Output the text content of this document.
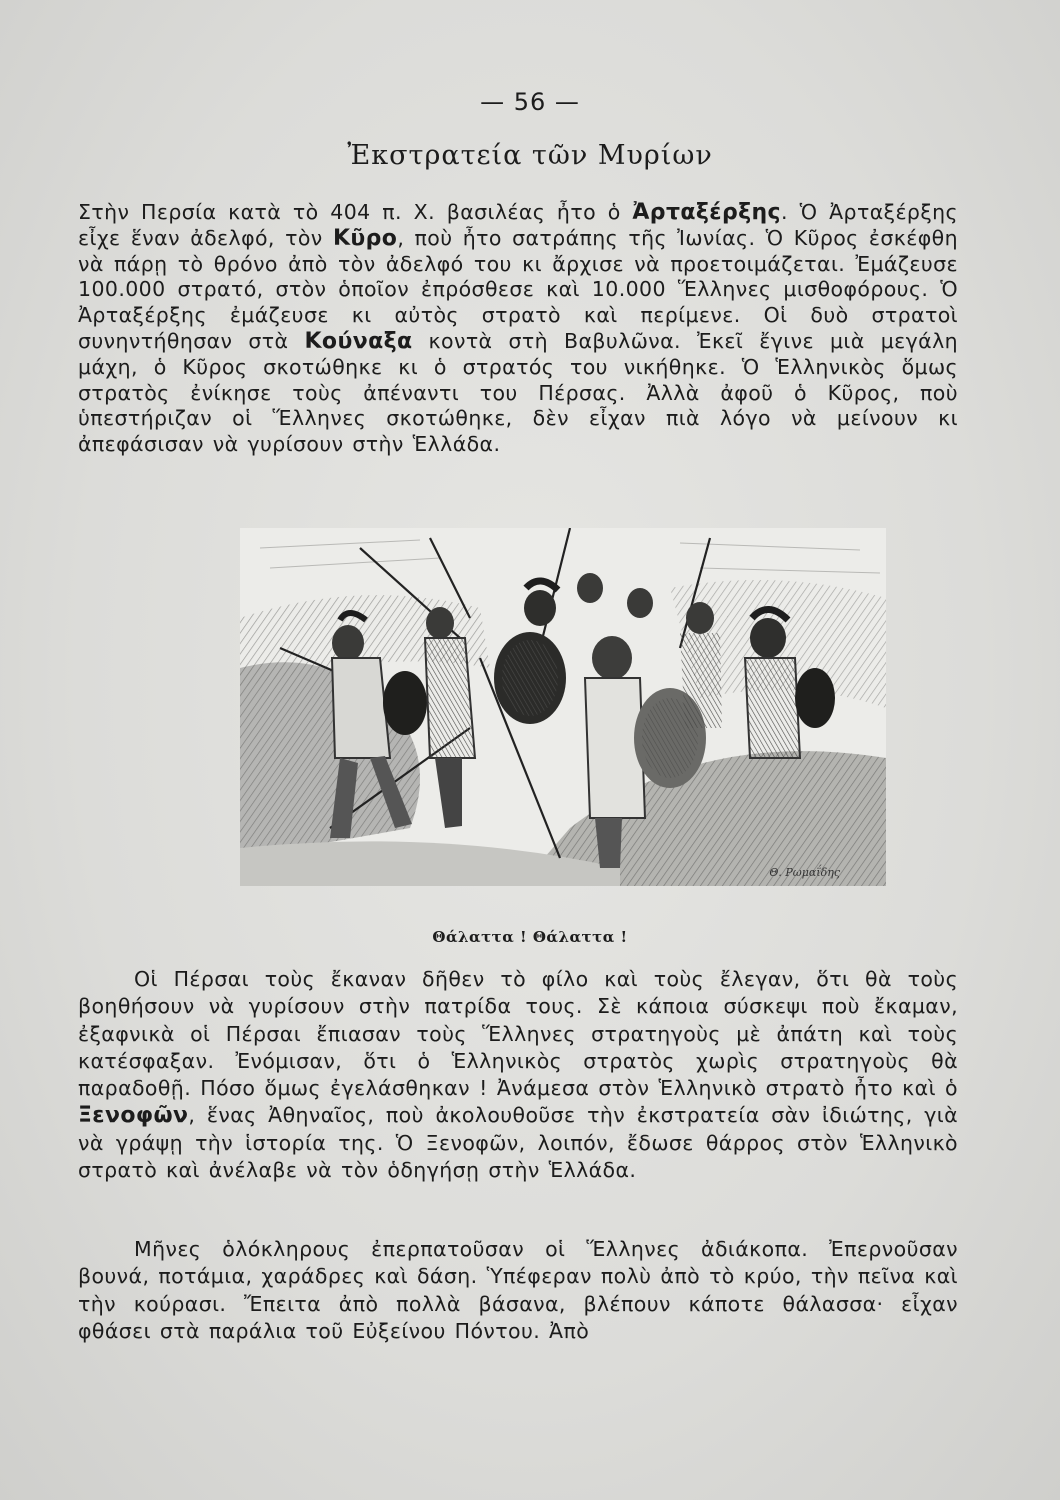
— 56 —
Ἐκστρατεία τῶν Μυρίων

Στὴν Περσία κατὰ τὸ 404 π. Χ. βασιλέας ἦτο ὁ Ἀρταξέρξης. Ὁ Ἀρταξέρξης εἶχε ἕναν ἀδελφό, τὸν Κῦρο, ποὺ ἦτο σατράπης τῆς Ἰωνίας. Ὁ Κῦρος ἐσκέφθη νὰ πάρῃ τὸ θρόνο ἀπὸ τὸν ἀδελφό του κι ἄρχισε νὰ προετοιμάζεται. Ἐμάζευσε 100.000 στρατό, στὸν ὁποῖον ἐπρόσθεσε καὶ 10.000 Ἕλληνες μισθοφόρους. Ὁ Ἀρταξέρξης ἐμάζευσε κι αὐτὸς στρατὸ καὶ περίμενε. Οἱ δυὸ στρατοὶ συνηντήθησαν στὰ Κούναξα κοντὰ στὴ Βαβυλῶνα. Ἐκεῖ ἔγινε μιὰ μεγάλη μάχη, ὁ Κῦρος σκοτώθηκε κι ὁ στρατός του νικήθηκε. Ὁ Ἑλληνικὸς ὅμως στρατὸς ἐνίκησε τοὺς ἀπέναντι του Πέρσας. Ἀλλὰ ἀφοῦ ὁ Κῦρος, ποὺ ὑπεστήριζαν οἱ Ἕλληνες σκοτώθηκε, δὲν εἶχαν πιὰ λόγο νὰ μείνουν κι ἀπεφάσισαν νὰ γυρίσουν στὴν Ἑλλάδα.

Θ. Ρωμαΐδης
Θάλαττα ! Θάλαττα !

Οἱ Πέρσαι τοὺς ἔκαναν δῆθεν τὸ φίλο καὶ τοὺς ἔλεγαν, ὅτι θὰ τοὺς βοηθήσουν νὰ γυρίσουν στὴν πατρίδα τους. Σὲ κάποια σύσκεψι ποὺ ἔκαμαν, ἐξαφνικὰ οἱ Πέρσαι ἔπιασαν τοὺς Ἕλληνες στρατηγοὺς μὲ ἀπάτη καὶ τοὺς κατέσφαξαν. Ἐνόμισαν, ὅτι ὁ Ἑλληνικὸς στρατὸς χωρὶς στρατηγοὺς θὰ παραδοθῇ. Πόσο ὅμως ἐγελάσθηκαν ! Ἀνάμεσα στὸν Ἑλληνικὸ στρατὸ ἦτο καὶ ὁ Ξενοφῶν, ἕνας Ἀθηναῖος, ποὺ ἀκολουθοῦσε τὴν ἐκστρατεία σὰν ἰδιώτης, γιὰ νὰ γράψῃ τὴν ἱστορία της. Ὁ Ξενοφῶν, λοιπόν, ἔδωσε θάρρος στὸν Ἑλληνικὸ στρατὸ καὶ ἀνέλαβε νὰ τὸν ὁδηγήσῃ στὴν Ἑλλάδα.

Μῆνες ὁλόκληρους ἐπερπατοῦσαν οἱ Ἕλληνες ἀδιάκοπα. Ἐπερνοῦσαν βουνά, ποτάμια, χαράδρες καὶ δάση. Ὑπέφεραν πολὺ ἀπὸ τὸ κρύο, τὴν πεῖνα καὶ τὴν κούρασι. Ἔπειτα ἀπὸ πολλὰ βάσανα, βλέπουν κάποτε θάλασσα· εἶχαν φθάσει στὰ παράλια τοῦ Εὐξείνου Πόντου. Ἀπὸ
